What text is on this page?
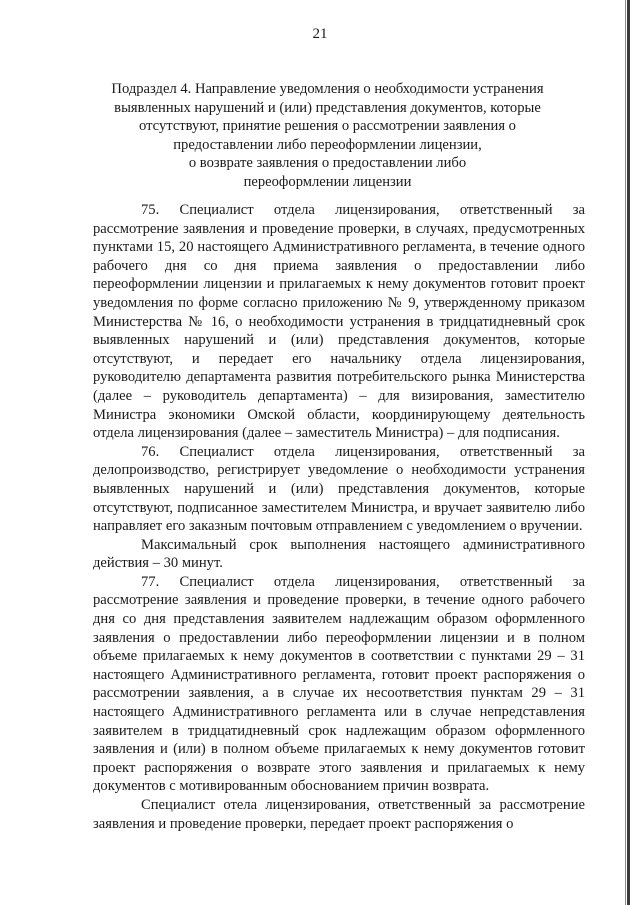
21
Подраздел 4. Направление уведомления о необходимости устранения
выявленных нарушений и (или) представления документов, которые
отсутствуют, принятие решения о рассмотрении заявления о
предоставлении либо переоформлении лицензии,
о возврате заявления о предоставлении либо
переоформлении лицензии

75. Специалист отдела лицензирования, ответственный за рассмотрение заявления и проведение проверки, в случаях, предусмотренных пунктами 15, 20 настоящего Административного регламента, в течение одного рабочего дня со дня приема заявления о предоставлении либо переоформлении лицензии и прилагаемых к нему документов готовит проект уведомления по форме согласно приложению № 9, утвержденному приказом Министерства № 16, о необходимости устранения в тридцатидневный срок выявленных нарушений и (или) представления документов, которые отсутствуют, и передает его начальнику отдела лицензирования, руководителю департамента развития потребительского рынка Министерства (далее – руководитель департамента) – для визирования, заместителю Министра экономики Омской области, координирующему деятельность отдела лицензирования (далее – заместитель Министра) – для подписания.

76. Специалист отдела лицензирования, ответственный за делопроизводство, регистрирует уведомление о необходимости устранения выявленных нарушений и (или) представления документов, которые отсутствуют, подписанное заместителем Министра, и вручает заявителю либо направляет его заказным почтовым отправлением с уведомлением о вручении.

Максимальный срок выполнения настоящего административного действия – 30 минут.

77. Специалист отдела лицензирования, ответственный за рассмотрение заявления и проведение проверки, в течение одного рабочего дня со дня представления заявителем надлежащим образом оформленного заявления о предоставлении либо переоформлении лицензии и в полном объеме прилагаемых к нему документов в соответствии с пунктами 29 – 31 настоящего Административного регламента, готовит проект распоряжения о рассмотрении заявления, а в случае их несоответствия пунктам 29 – 31 настоящего Административного регламента или в случае непредставления заявителем в тридцатидневный срок надлежащим образом оформленного заявления и (или) в полном объеме прилагаемых к нему документов готовит проект распоряжения о возврате этого заявления и прилагаемых к нему документов с мотивированным обоснованием причин возврата.

Специалист отела лицензирования, ответственный за рассмотрение заявления и проведение проверки, передает проект распоряжения о
